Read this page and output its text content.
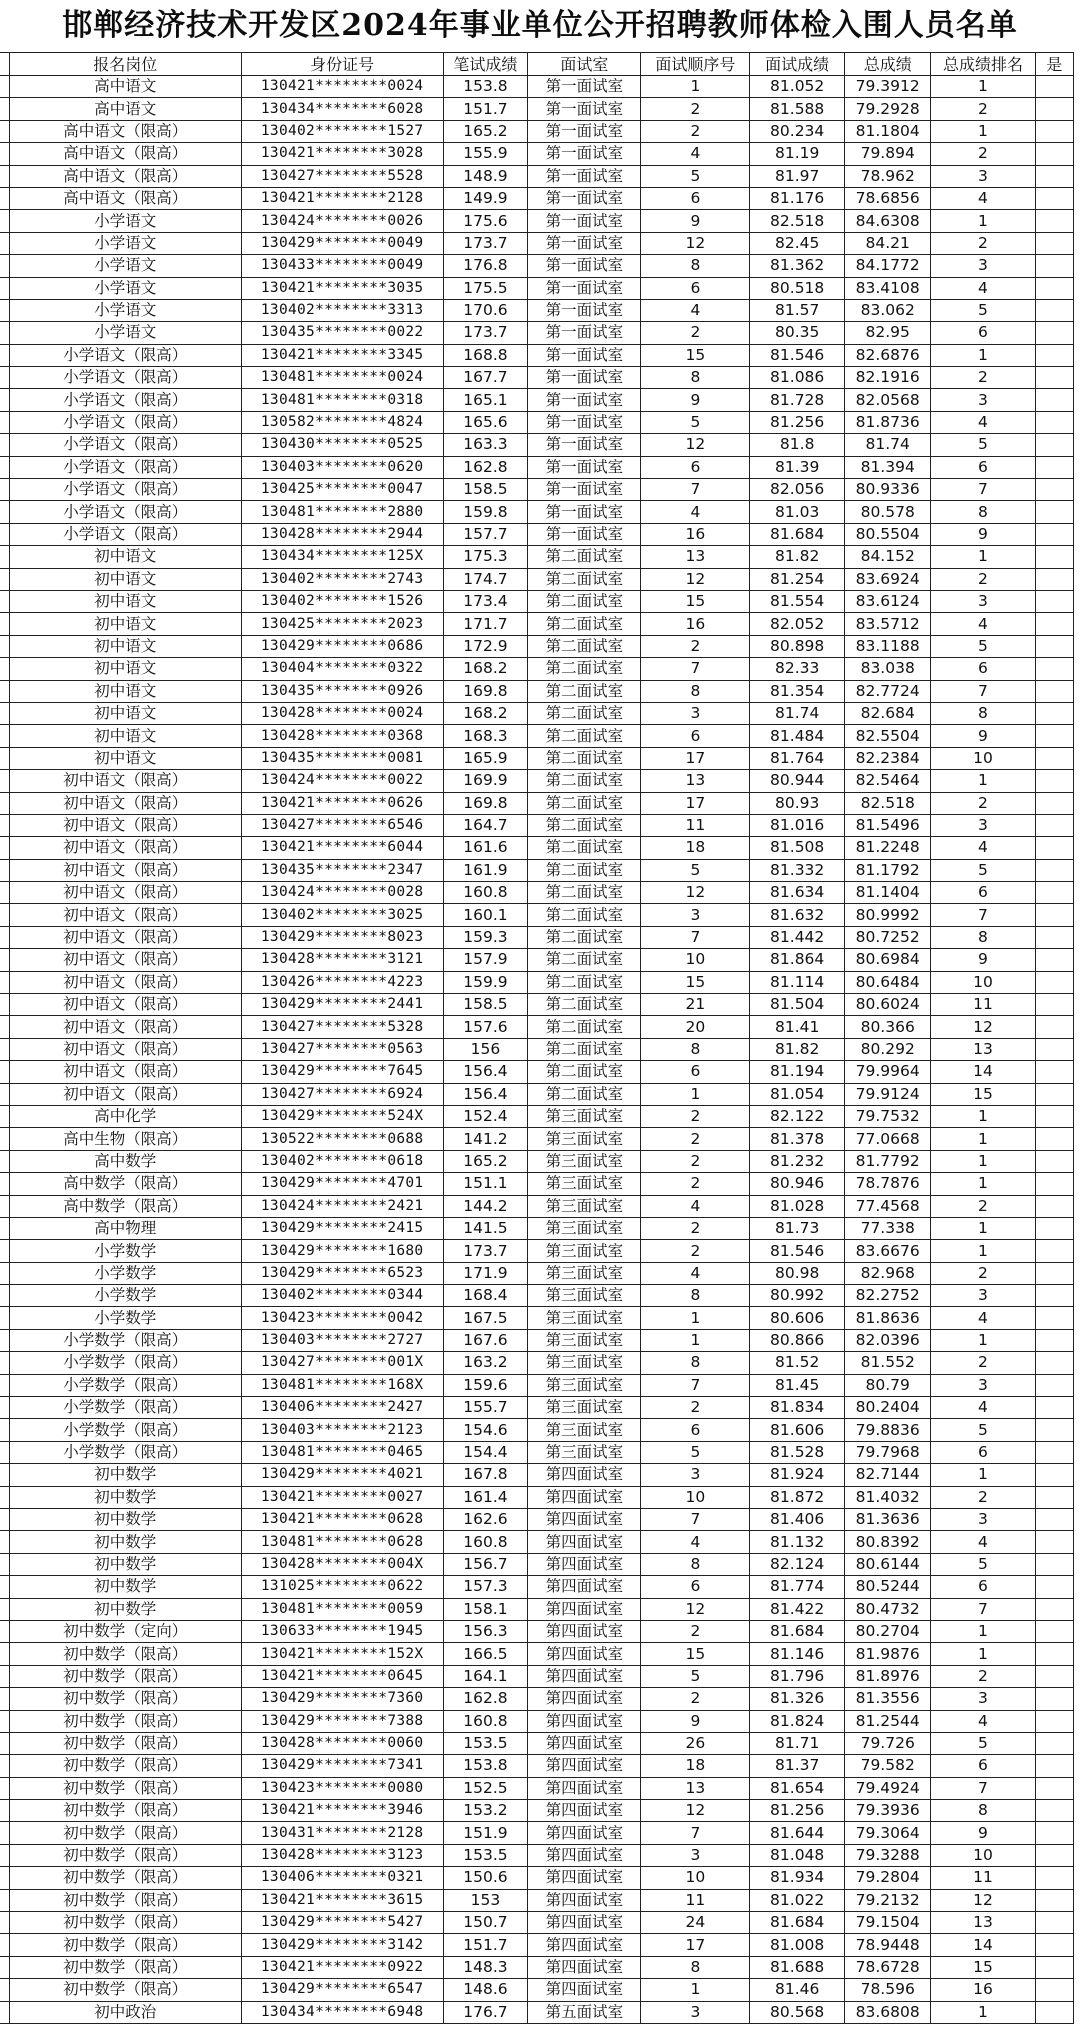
邯郸经济技术开发区2024年事业单位公开招聘教师体检入围人员名单
	报名岗位	身份证号	笔试成绩	面试室	面试顺序号	面试成绩	总成绩	总成绩排名	是
	高中语文	130421********0024	153.8	第一面试室	1	81.052	79.3912	1	
	高中语文	130434********6028	151.7	第一面试室	2	81.588	79.2928	2	
	高中语文（限高）	130402********1527	165.2	第一面试室	2	80.234	81.1804	1	
	高中语文（限高）	130421********3028	155.9	第一面试室	4	81.19	79.894	2	
	高中语文（限高）	130427********5528	148.9	第一面试室	5	81.97	78.962	3	
	高中语文（限高）	130421********2128	149.9	第一面试室	6	81.176	78.6856	4	
	小学语文	130424********0026	175.6	第一面试室	9	82.518	84.6308	1	
	小学语文	130429********0049	173.7	第一面试室	12	82.45	84.21	2	
	小学语文	130433********0049	176.8	第一面试室	8	81.362	84.1772	3	
	小学语文	130421********3035	175.5	第一面试室	6	80.518	83.4108	4	
	小学语文	130402********3313	170.6	第一面试室	4	81.57	83.062	5	
	小学语文	130435********0022	173.7	第一面试室	2	80.35	82.95	6	
	小学语文（限高）	130421********3345	168.8	第一面试室	15	81.546	82.6876	1	
	小学语文（限高）	130481********0024	167.7	第一面试室	8	81.086	82.1916	2	
	小学语文（限高）	130481********0318	165.1	第一面试室	9	81.728	82.0568	3	
	小学语文（限高）	130582********4824	165.6	第一面试室	5	81.256	81.8736	4	
	小学语文（限高）	130430********0525	163.3	第一面试室	12	81.8	81.74	5	
	小学语文（限高）	130403********0620	162.8	第一面试室	6	81.39	81.394	6	
	小学语文（限高）	130425********0047	158.5	第一面试室	7	82.056	80.9336	7	
	小学语文（限高）	130481********2880	159.8	第一面试室	4	81.03	80.578	8	
	小学语文（限高）	130428********2944	157.7	第一面试室	16	81.684	80.5504	9	
	初中语文	130434********125X	175.3	第二面试室	13	81.82	84.152	1	
	初中语文	130402********2743	174.7	第二面试室	12	81.254	83.6924	2	
	初中语文	130402********1526	173.4	第二面试室	15	81.554	83.6124	3	
	初中语文	130425********2023	171.7	第二面试室	16	82.052	83.5712	4	
	初中语文	130429********0686	172.9	第二面试室	2	80.898	83.1188	5	
	初中语文	130404********0322	168.2	第二面试室	7	82.33	83.038	6	
	初中语文	130435********0926	169.8	第二面试室	8	81.354	82.7724	7	
	初中语文	130428********0024	168.2	第二面试室	3	81.74	82.684	8	
	初中语文	130428********0368	168.3	第二面试室	6	81.484	82.5504	9	
	初中语文	130435********0081	165.9	第二面试室	17	81.764	82.2384	10	
	初中语文（限高）	130424********0022	169.9	第二面试室	13	80.944	82.5464	1	
	初中语文（限高）	130421********0626	169.8	第二面试室	17	80.93	82.518	2	
	初中语文（限高）	130427********6546	164.7	第二面试室	11	81.016	81.5496	3	
	初中语文（限高）	130421********6044	161.6	第二面试室	18	81.508	81.2248	4	
	初中语文（限高）	130435********2347	161.9	第二面试室	5	81.332	81.1792	5	
	初中语文（限高）	130424********0028	160.8	第二面试室	12	81.634	81.1404	6	
	初中语文（限高）	130402********3025	160.1	第二面试室	3	81.632	80.9992	7	
	初中语文（限高）	130429********8023	159.3	第二面试室	7	81.442	80.7252	8	
	初中语文（限高）	130428********3121	157.9	第二面试室	10	81.864	80.6984	9	
	初中语文（限高）	130426********4223	159.9	第二面试室	15	81.114	80.6484	10	
	初中语文（限高）	130429********2441	158.5	第二面试室	21	81.504	80.6024	11	
	初中语文（限高）	130427********5328	157.6	第二面试室	20	81.41	80.366	12	
	初中语文（限高）	130427********0563	156	第二面试室	8	81.82	80.292	13	
	初中语文（限高）	130429********7645	156.4	第二面试室	6	81.194	79.9964	14	
	初中语文（限高）	130427********6924	156.4	第二面试室	1	81.054	79.9124	15	
	高中化学	130429********524X	152.4	第三面试室	2	82.122	79.7532	1	
	高中生物（限高）	130522********0688	141.2	第三面试室	2	81.378	77.0668	1	
	高中数学	130402********0618	165.2	第三面试室	2	81.232	81.7792	1	
	高中数学（限高）	130429********4701	151.1	第三面试室	2	80.946	78.7876	1	
	高中数学（限高）	130424********2421	144.2	第三面试室	4	81.028	77.4568	2	
	高中物理	130429********2415	141.5	第三面试室	2	81.73	77.338	1	
	小学数学	130429********1680	173.7	第三面试室	2	81.546	83.6676	1	
	小学数学	130429********6523	171.9	第三面试室	4	80.98	82.968	2	
	小学数学	130402********0344	168.4	第三面试室	8	80.992	82.2752	3	
	小学数学	130423********0042	167.5	第三面试室	1	80.606	81.8636	4	
	小学数学（限高）	130403********2727	167.6	第三面试室	1	80.866	82.0396	1	
	小学数学（限高）	130427********001X	163.2	第三面试室	8	81.52	81.552	2	
	小学数学（限高）	130481********168X	159.6	第三面试室	7	81.45	80.79	3	
	小学数学（限高）	130406********2427	155.7	第三面试室	2	81.834	80.2404	4	
	小学数学（限高）	130403********2123	154.6	第三面试室	6	81.606	79.8836	5	
	小学数学（限高）	130481********0465	154.4	第三面试室	5	81.528	79.7968	6	
	初中数学	130429********4021	167.8	第四面试室	3	81.924	82.7144	1	
	初中数学	130421********0027	161.4	第四面试室	10	81.872	81.4032	2	
	初中数学	130421********0628	162.6	第四面试室	7	81.406	81.3636	3	
	初中数学	130481********0628	160.8	第四面试室	4	81.132	80.8392	4	
	初中数学	130428********004X	156.7	第四面试室	8	82.124	80.6144	5	
	初中数学	131025********0622	157.3	第四面试室	6	81.774	80.5244	6	
	初中数学	130481********0059	158.1	第四面试室	12	81.422	80.4732	7	
	初中数学（定向）	130633********1945	156.3	第四面试室	2	81.684	80.2704	1	
	初中数学（限高）	130421********152X	166.5	第四面试室	15	81.146	81.9876	1	
	初中数学（限高）	130421********0645	164.1	第四面试室	5	81.796	81.8976	2	
	初中数学（限高）	130429********7360	162.8	第四面试室	2	81.326	81.3556	3	
	初中数学（限高）	130429********7388	160.8	第四面试室	9	81.824	81.2544	4	
	初中数学（限高）	130428********0060	153.5	第四面试室	26	81.71	79.726	5	
	初中数学（限高）	130429********7341	153.8	第四面试室	18	81.37	79.582	6	
	初中数学（限高）	130423********0080	152.5	第四面试室	13	81.654	79.4924	7	
	初中数学（限高）	130421********3946	153.2	第四面试室	12	81.256	79.3936	8	
	初中数学（限高）	130431********2128	151.9	第四面试室	7	81.644	79.3064	9	
	初中数学（限高）	130428********3123	153.5	第四面试室	3	81.048	79.3288	10	
	初中数学（限高）	130406********0321	150.6	第四面试室	10	81.934	79.2804	11	
	初中数学（限高）	130421********3615	153	第四面试室	11	81.022	79.2132	12	
	初中数学（限高）	130429********5427	150.7	第四面试室	24	81.684	79.1504	13	
	初中数学（限高）	130429********3142	151.7	第四面试室	17	81.008	78.9448	14	
	初中数学（限高）	130421********0922	148.3	第四面试室	8	81.688	78.6728	15	
	初中数学（限高）	130429********6547	148.6	第四面试室	1	81.46	78.596	16	
	初中政治	130434********6948	176.7	第五面试室	3	80.568	83.6808	1	
